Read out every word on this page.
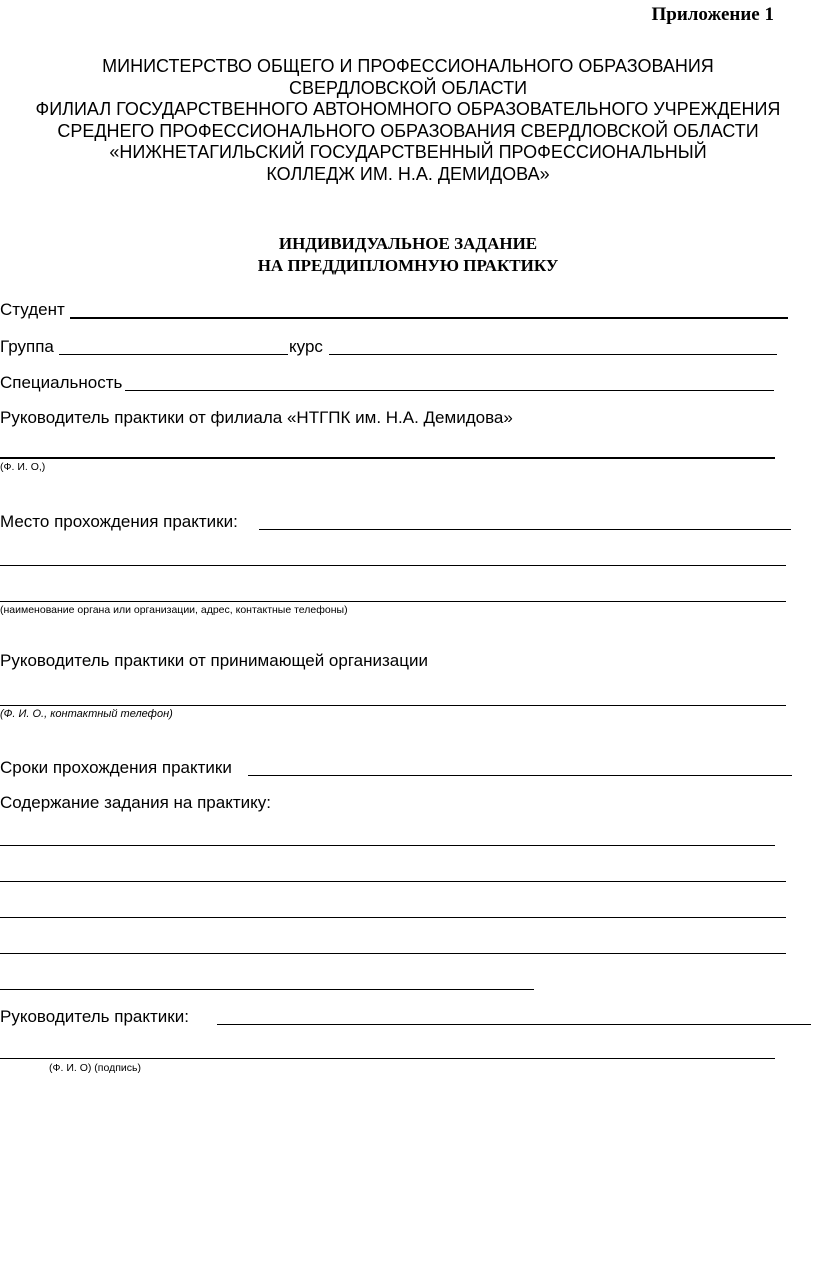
Приложение 1
МИНИСТЕРСТВО ОБЩЕГО И ПРОФЕССИОНАЛЬНОГО ОБРАЗОВАНИЯ
СВЕРДЛОВСКОЙ ОБЛАСТИ
ФИЛИАЛ ГОСУДАРСТВЕННОГО АВТОНОМНОГО ОБРАЗОВАТЕЛЬНОГО УЧРЕЖДЕНИЯ
СРЕДНЕГО ПРОФЕССИОНАЛЬНОГО ОБРАЗОВАНИЯ СВЕРДЛОВСКОЙ ОБЛАСТИ
«НИЖНЕТАГИЛЬСКИЙ ГОСУДАРСТВЕННЫЙ ПРОФЕССИОНАЛЬНЫЙ
КОЛЛЕДЖ ИМ. Н.А. ДЕМИДОВА»
ИНДИВИДУАЛЬНОЕ ЗАДАНИЕ
НА ПРЕДДИПЛОМНУЮ ПРАКТИКУ
Студент
Группа	курс
Специальность
Руководитель практики от филиала «НТГПК им. Н.А. Демидова»
(Ф. И. О,)
Место прохождения практики:
(наименование органа или организации, адрес, контактные телефоны)
Руководитель практики от принимающей организации
(Ф. И. О., контактный телефон)
Сроки прохождения практики
Содержание задания на практику:
Руководитель практики:
(Ф. И. О) (подпись)
